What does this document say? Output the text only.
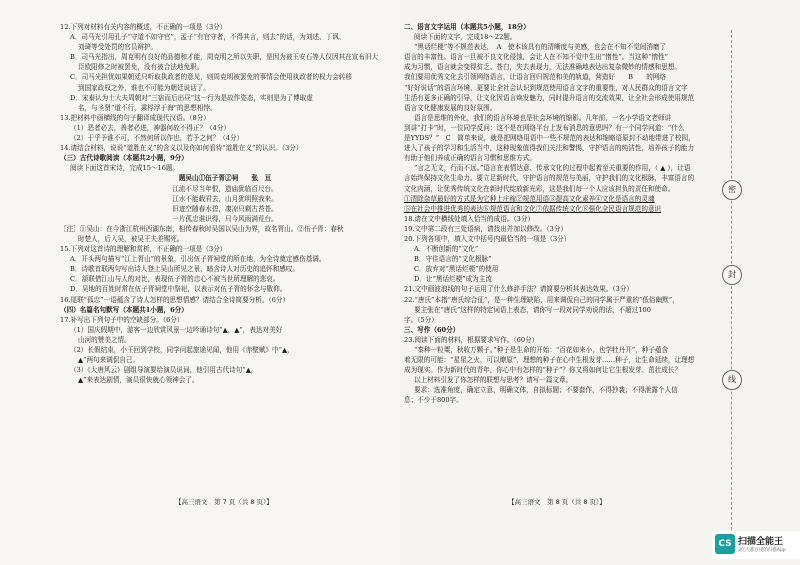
12.下列对材料有关内容的概述，不正确的一项是（3分）
A．司马光引用孔子“守道不如守官”，孟子“有官守者，不得其言，则去”的话，为刘述、丁讽、
刘琦等受处罚的官员辩护。
B．司马光指出，周克明有良好的品德和才能，周克明之所以失职，是因为被王安石等人仅因其在宣布旧大
臣欧阳修之时被罢免，没有被合法地免职。
C．司马光担忧如果朝廷只听取执政者的意见，则周克明被罢免的事情会使用执政者的权力会转移
到国家政权之外，谁也不可能为朝廷说话了。
D．宋泰认为士大夫周朝对“三宿而后出昼”这一行为是故作姿态，实则是为了博取虚
名，与圣贤“道不行，乘桴浮于海”的思想相悖。
13.把材料中画横线的句子翻译成现代汉语。（8分）
（1）恶者必去，善者必进，神器何故不得正？（4分）
（2）于乎予谁不可，不然何所以作也，若予之何？（4分）
14.请结合材料，说说“道胜在义”的含义以及你如何看待“道胜在义”的认识。（3分）
（三）古代诗歌阅读（本题共2小题，9分）
阅读下面这首宋诗，完成15～16题。
题吴山①伍子胥②祠　　张　亘
江流不尽当年恨，遗庙犹临百尺台。
江水不能载君去，山月犹明照我来。
旧迹空随春水碧，凄凉只剩古苔苍。
一片孤忠谁识得，只今风雨满荒台。
［注］①吴山：在今浙江杭州西湖东南，相传春秋时吴国以吴山为界，故名胥山。②伍子胥：春秋
时楚人，后入吴，被吴王夫差赐死。
15.下列对这首诗的理解和赏析，不正确的一项是（3分）
A．开头两句描写“江上胥山”的景象，引出伍子胥祠堂的所在地，为全诗奠定感伤基调。
B．诗歌首联两句写出诗人登上吴山所见之景，暗含诗人对历史的追怀和感叹。
C．颔联借江山与人的对比，表现伍子胥的忠心不被当世所理解的悲哀。
D．吴地的百姓时常在伍子胥祠堂中祭祀，以表示对伍子胥的怀念与敬仰。
16.尾联“孤忠”一语蕴含了诗人怎样的思想情感？请结合全诗简要分析。（6分）
（四）名篇名句默写（本题共1小题，6分）
17.补写出下列句子中的空缺部分。（6分）
（1）国庆假期中，游客一边欣赏风景一边吟诵诗句“▲，▲”，表达对美好
山河的赞美之情。
（2）长假结束，小王回到学校，同学问起旅途见闻，他用《赤壁赋》中“▲，
▲”两句来调侃自己。
（3）《大唐风云》剧组导演要给演员说词，他引用古代诗句“▲，
▲”来表达剧情，演员很快就心领神会了。
二、语言文字运用（本题共5小题，18分）
阅读下面的文字，完成18～22题。
“黑话烂梗”等不规范表达，　A　使本该具有的清晰度与美感，也会在不知不觉间消磨了
语言的丰富性。语言一旦被不良文化侵蚀，会让人在不知不觉中生出“惰性”。当这种“惰性”
成为习惯，语言就会变得贫乏、苍白，失去表现力，无法准确地表达出复杂微妙的情感和思想。
我们要用优秀文化去引领网络语言，让语言回归规范和美的轨道，营造好　　B　　的网络
“好好说话”的语言环境，更要让全社会认识到规范使用语言文字的重要性，对人民群众的语言文字
生活有更多正确的引导，让文化因语言焕发魅力，同时提升语言的交流效果，让全社会形成使用规范
语言文化健康发展的良好氛围。
语言是思维的外化，我们的语言环境也是社会环境的缩影。几年前，一名小学语文老师讲
到讲“打卡”时，一位同学反问：这不是在网络平台上发布消息的意思吗？有一个同学问道：“什么
是YYDS？”　C　简单来说，就是把网络用语中一些不规范的表达和缩略语原封不动地带进了校园，
进入了孩子的学习和生活当中，这种现象值得我们关注和警惕，守护语言的纯洁性，培养孩子的能力
有助于他们养成正确的语言习惯和思维方式。
“言之无文，行而不远。”语言在表情达意、传承文化的过程中起着至关重要的作用，（ ▲ ），让语
言始终保持文化生命力。要立足新时代，守护语言的规范与美丽，守护我们的文化根脉，丰富语言的
文化内涵，让优秀传统文化在新时代绽放新光彩，这是我们每一个人应该担负的责任和使命。
①清除杂草最好的方式是为它种上庄稼②规范用语③提高文化素养④文化是语言的灵魂
⑤在社会中推进优秀的表达⑥规范语言和文化⑦依据传统文化⑧强化全民语言规范的意识
18.请在文中横线处填入恰当的成语。（3分）
19.文中第二段有三处语病，请找出并加以修改。（3分）
20.下列各项中，填入文中括号内最恰当的一项是（3分）
A．不断创新的“文化”
B．守住语言的“文化根脉”
C．放弃对“黑话烂梗”的使用
D．让“黑话烂梗”成为主流
21.文中画波浪线的句子运用了什么修辞手法？请简要分析其表达效果。（3分）
22.“唐氏”本指“唐氏综合征”，是一种生理缺陷，用来调侃自己的同学属于严重的“低俗幽默”，
要主张在“唐氏”这样的特定词语上表态，请你写一段对同学劝说的话，不超过100
字。（5分）
三、写作（60分）
23.阅读下面的材料，根据要求写作。（60分）
“秦种一粒粟，秋收万颗子。”种子是生命的开始：“百花如来小，也学牡丹开”，种子蕴含
着无限的可能：“星星之火，可以燎原”，理想的种子在心中生根发芽……种子，让生命延续，让理想
成为现实。作为新时代的青年，你心中有怎样的“种子”？你又将如何让它生根发芽、茁壮成长？
以上材料引发了你怎样的联想与思考？请写一篇文章。
要求：选准角度，确定立意，明确文体，自拟标题；不要套作，不得抄袭；不得泄露个人信
息；不少于800字。
【高三语文　第 7 页（共 8 页）】	【高三语文　第 8 页（共 8 页）】
密
封
线
CS 扫描全能王
3亿人都在用的扫描App
